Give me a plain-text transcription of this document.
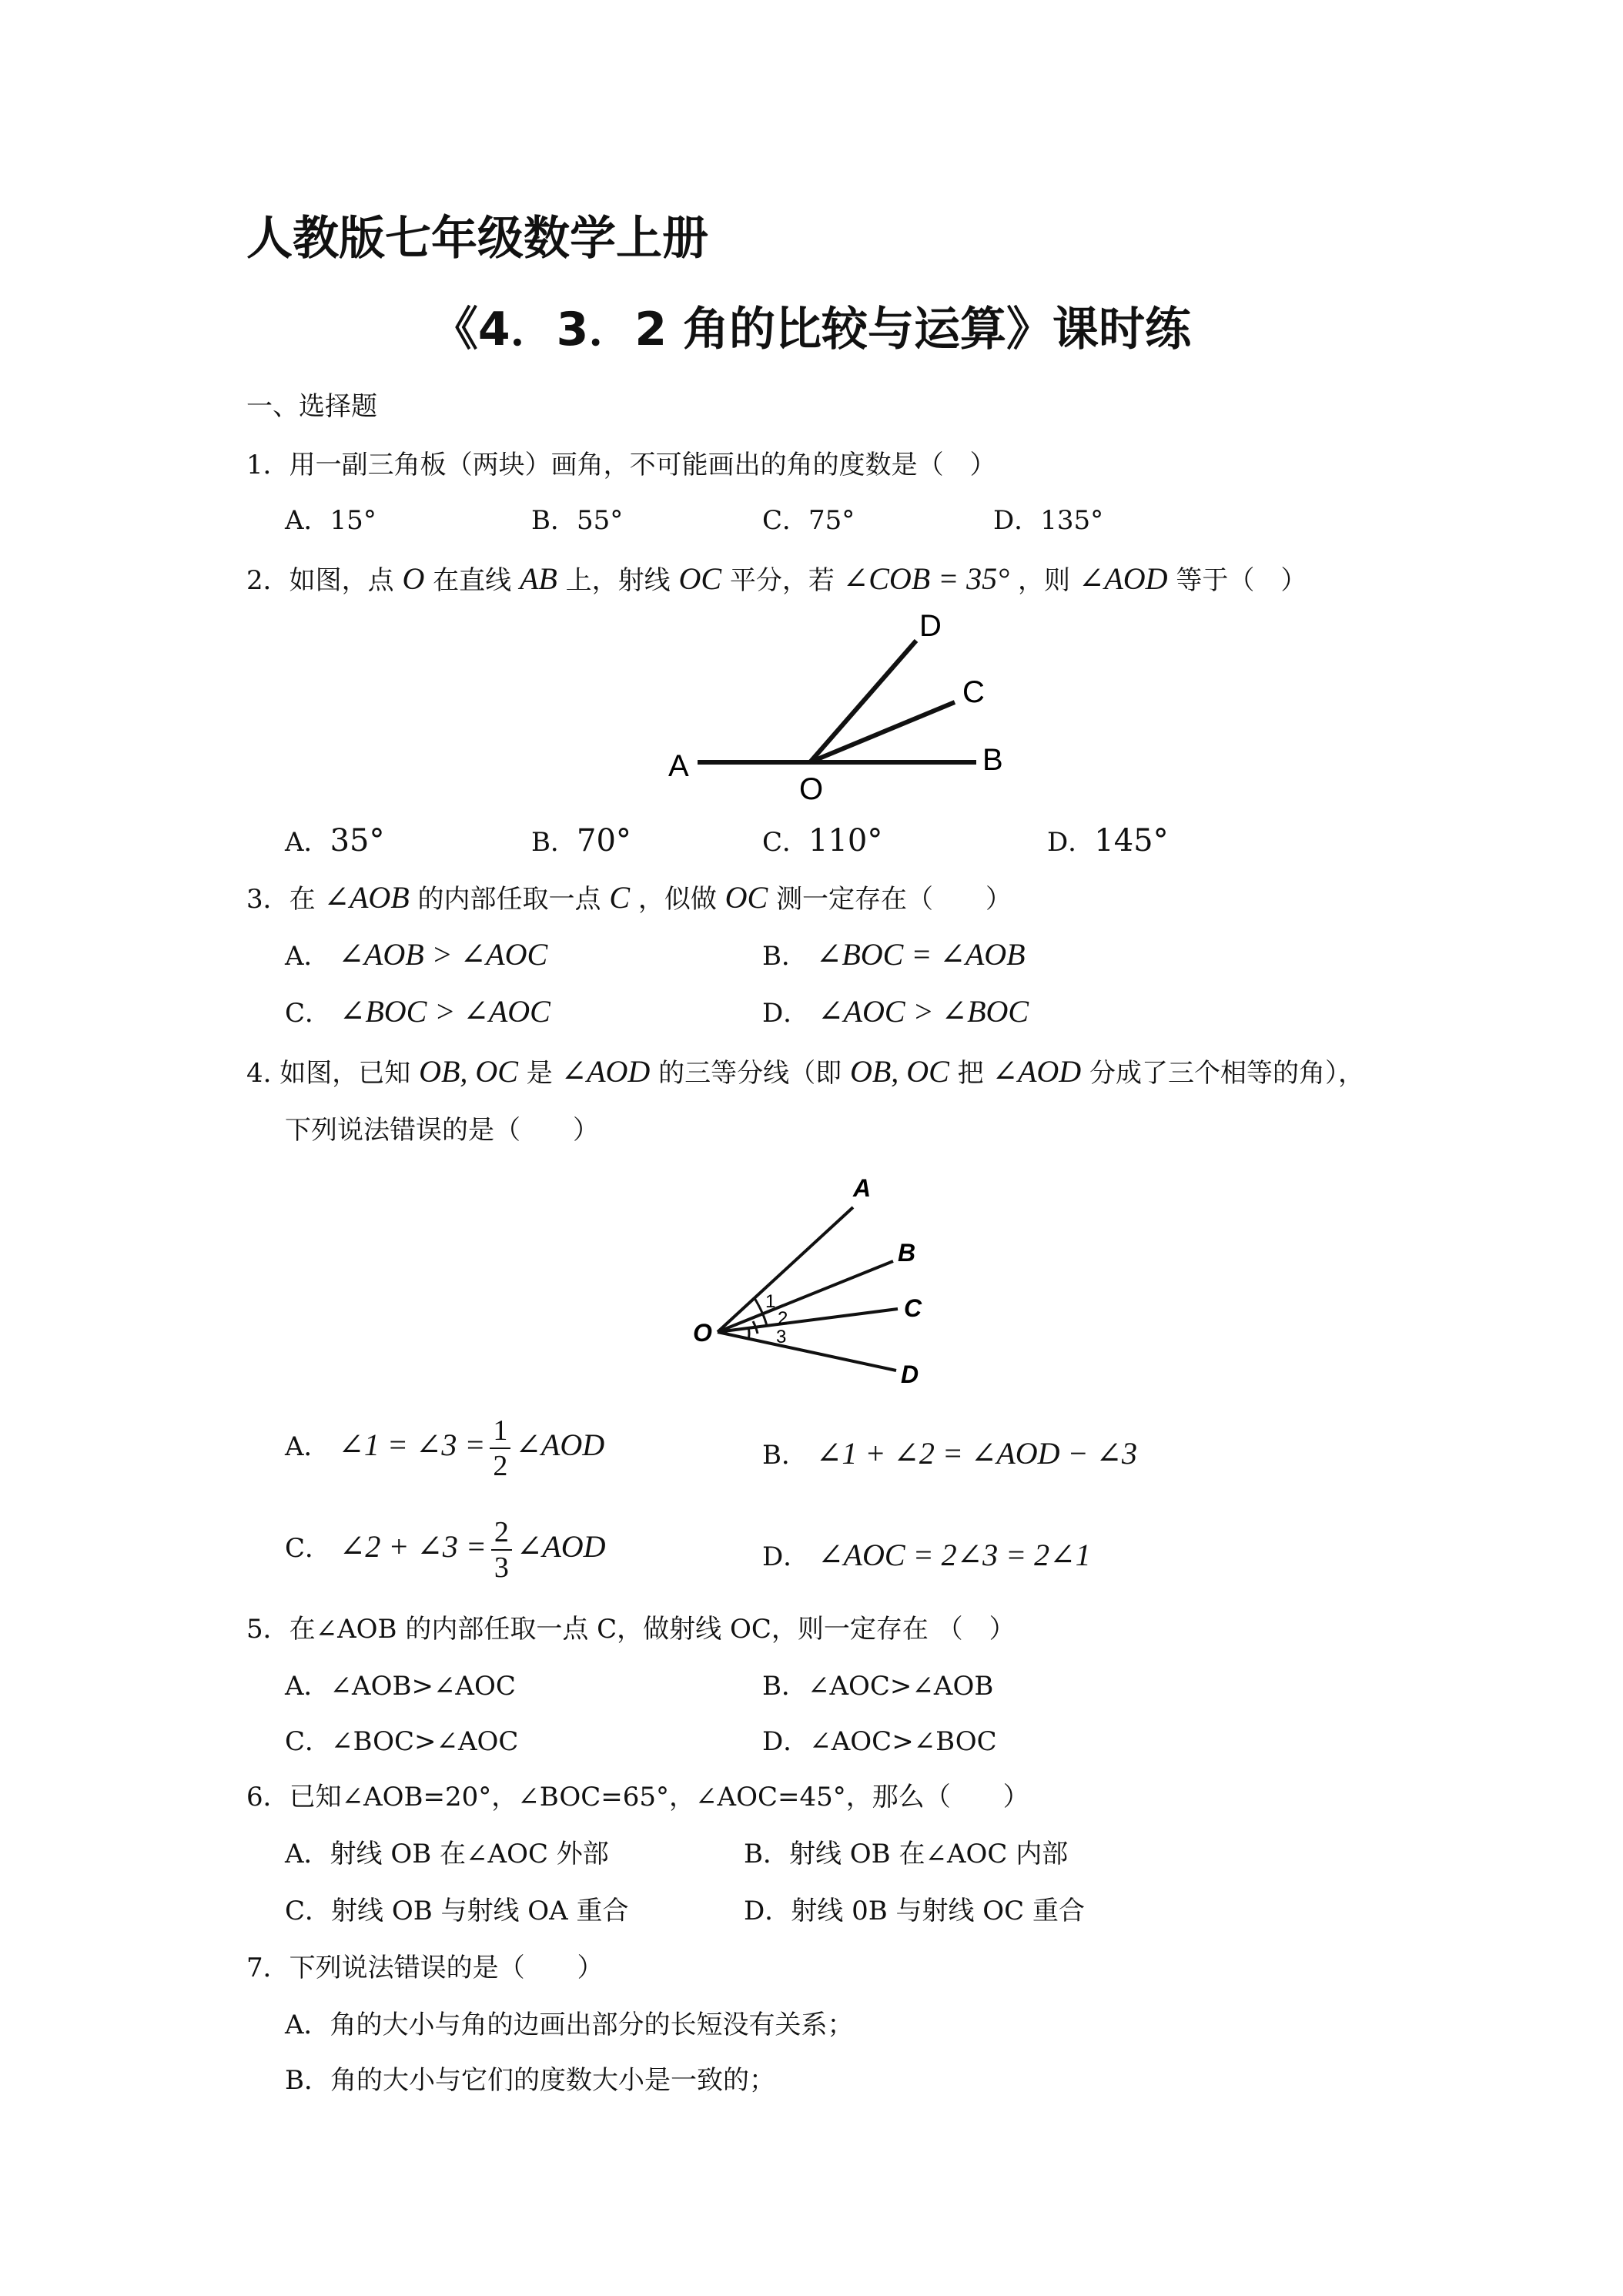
人教版七年级数学上册
《4．3．2 角的比较与运算》课时练
一、选择题
1．用一副三角板（两块）画角，不可能画出的角的度数是（　）
A．15°	B．55°	C．75°	D．135°
2．如图，点 O 在直线 AB 上，射线 OC 平分，若 ∠COB = 35° ，则 ∠AOD 等于（　）
A
O
B
C
D
A．35°	B．70°	C．110°	D．145°
3．在 ∠AOB 的内部任取一点 C ，似做 OC 测一定存在（　　）
A． ∠AOB > ∠AOC	B． ∠BOC = ∠AOB
C． ∠BOC > ∠AOC	D． ∠AOC > ∠BOC
4. 如图，已知 OB, OC 是 ∠AOD 的三等分线（即 OB, OC 把 ∠AOD 分成了三个相等的角），
下列说法错误的是（　　）
A
B
C
D
O
1
2
3
A． ∠1 = ∠3 = $\frac{1}{2}$ ∠AOD	B． ∠1 + ∠2 = ∠AOD − ∠3
C． ∠2 + ∠3 = $\frac{2}{3}$ ∠AOD	D． ∠AOC = 2∠3 = 2∠1
5．在∠AOB 的内部任取一点 C，做射线 OC，则一定存在 （　）
A．∠AOB>∠AOC	B．∠AOC>∠AOB
C．∠BOC>∠AOC	D．∠AOC>∠BOC
6．已知∠AOB=20°，∠BOC=65°，∠AOC=45°，那么（　　）
A．射线 OB 在∠AOC 外部	B．射线 OB 在∠AOC 内部
C．射线 OB 与射线 OA 重合	D．射线 0B 与射线 OC 重合
7．下列说法错误的是（　　）
A．角的大小与角的边画出部分的长短没有关系；
B．角的大小与它们的度数大小是一致的；
